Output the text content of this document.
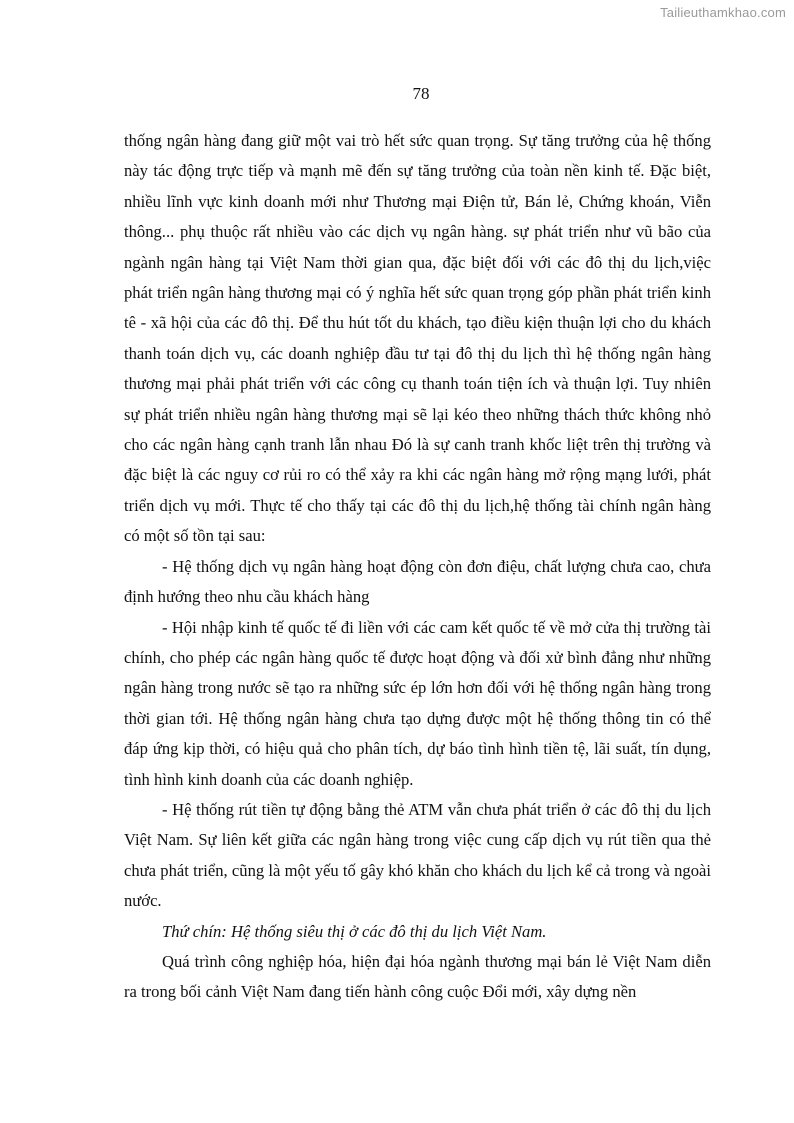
Tailieuthamkhao.com
78

thống ngân hàng đang giữ một vai trò hết sức quan trọng. Sự tăng trưởng của hệ thống này tác động trực tiếp và mạnh mẽ đến sự tăng trưởng của toàn nền kinh tế. Đặc biệt, nhiều lĩnh vực kinh doanh mới như Thương mại Điện tử, Bán lẻ, Chứng khoán, Viễn thông... phụ thuộc rất nhiều vào các dịch vụ ngân hàng. sự phát triển như vũ bão của ngành ngân hàng tại Việt Nam thời gian qua, đặc biệt đối với các đô thị du lịch,việc phát triển ngân hàng thương mại có ý nghĩa hết sức quan trọng góp phần phát triển kinh tê - xã hội của các đô thị. Để thu hút tốt du khách, tạo điều kiện thuận lợi cho du khách thanh toán dịch vụ, các doanh nghiệp đầu tư tại đô thị du lịch thì hệ thống ngân hàng thương mại phải phát triển với các công cụ thanh toán tiện ích và thuận lợi. Tuy nhiên sự phát triển nhiều ngân hàng thương mại sẽ lại kéo theo những thách thức không nhỏ cho các ngân hàng cạnh tranh lẫn nhau Đó là sự canh tranh khốc liệt trên thị trường và đặc biệt là các nguy cơ rủi ro có thể xảy ra khi các ngân hàng mở rộng mạng lưới, phát triển dịch vụ mới. Thực tế cho thấy tại các đô thị du lịch,hệ thống tài chính ngân hàng có một số tồn tại sau:

- Hệ thống dịch vụ ngân hàng hoạt động còn đơn điệu, chất lượng chưa cao, chưa định hướng theo nhu cầu khách hàng

- Hội nhập kinh tế quốc tế đi liền với các cam kết quốc tế về mở cửa thị trường tài chính, cho phép các ngân hàng quốc tế được hoạt động và đối xử bình đẳng như những ngân hàng trong nước sẽ tạo ra những sức ép lớn hơn đối với hệ thống ngân hàng trong thời gian tới. Hệ thống ngân hàng chưa tạo dựng được một hệ thống thông tin có thể đáp ứng kịp thời, có hiệu quả cho phân tích, dự báo tình hình tiền tệ, lãi suất, tín dụng, tình hình kinh doanh của các doanh nghiệp.

- Hệ thống rút tiền tự động bằng thẻ ATM vẫn chưa phát triển ở các đô thị du lịch Việt Nam. Sự liên kết giữa các ngân hàng trong việc cung cấp dịch vụ rút tiền qua thẻ chưa phát triển, cũng là một yếu tố gây khó khăn cho khách du lịch kể cả trong và ngoài nước.

Thứ chín: Hệ thống siêu thị ở các đô thị du lịch Việt Nam.

Quá trình công nghiệp hóa, hiện đại hóa ngành thương mại bán lẻ Việt Nam diễn ra trong bối cảnh Việt Nam đang tiến hành công cuộc Đổi mới, xây dựng nền
